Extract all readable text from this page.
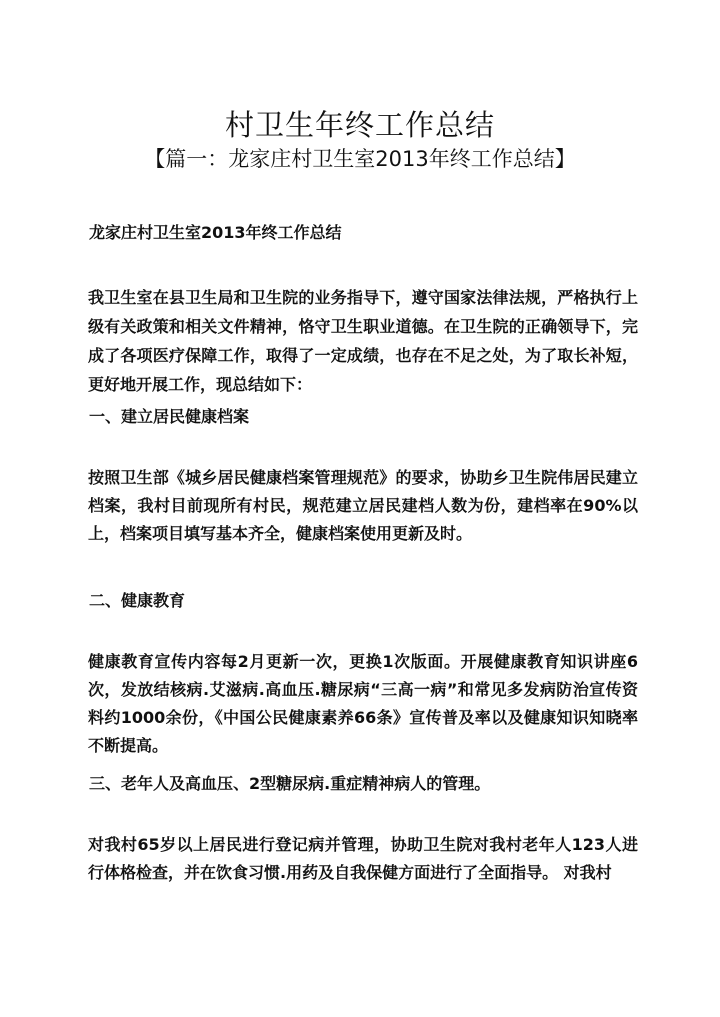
村卫生年终工作总结
【篇一：龙家庄村卫生室2013年终工作总结】

龙家庄村卫生室2013年终工作总结

我卫生室在县卫生局和卫生院的业务指导下，遵守国家法律法规，严格执行上级有关政策和相关文件精神，恪守卫生职业道德。在卫生院的正确领导下，完成了各项医疗保障工作，取得了一定成绩，也存在不足之处，为了取长补短，更好地开展工作，现总结如下：

一、建立居民健康档案

按照卫生部《城乡居民健康档案管理规范》的要求，协助乡卫生院伟居民建立档案，我村目前现所有村民，规范建立居民建档人数为份，建档率在90%以上，档案项目填写基本齐全，健康档案使用更新及时。

二、健康教育

健康教育宣传内容每2月更新一次，更换1次版面。开展健康教育知识讲座6次，发放结核病.艾滋病.高血压.糖尿病“三高一病”和常见多发病防治宣传资料约1000余份，《中国公民健康素养66条》宣传普及率以及健康知识知晓率不断提高。

三、老年人及高血压、2型糖尿病.重症精神病人的管理。

对我村65岁以上居民进行登记病并管理，协助卫生院对我村老年人123人进行体格检查，并在饮食习惯.用药及自我保健方面进行了全面指导。 对我村
